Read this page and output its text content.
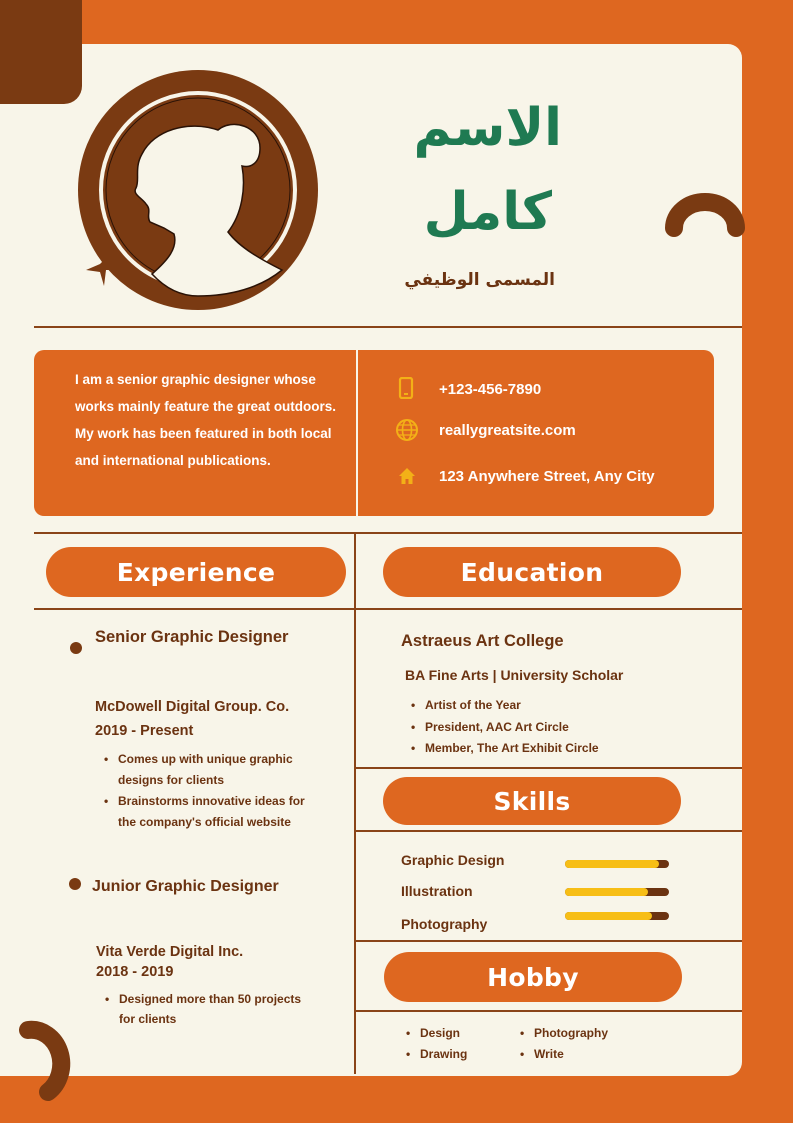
الاسم
كامل
المسمى الوظيفي
I am a senior graphic designer whose
works mainly feature the great outdoors.
My work has been featured in both local
and international publications.
+123-456-7890
reallygreatsite.com
123 Anywhere Street, Any City
Experience	Education
Skills
Hobby
Senior Graphic Designer
McDowell Digital Group. Co.
2019 - Present
• Comes up with unique graphic
designs for clients
• Brainstorms innovative ideas for
the company's official website
Junior Graphic Designer
Vita Verde Digital Inc.
2018 - 2019
• Designed more than 50 projects
for clients
Astraeus Art College
BA Fine Arts | University Scholar
• Artist of the Year
• President, AAC Art Circle
• Member, The Art Exhibit Circle
Graphic Design
Illustration
Photography
• Design
• Drawing
• Photography
• Write
